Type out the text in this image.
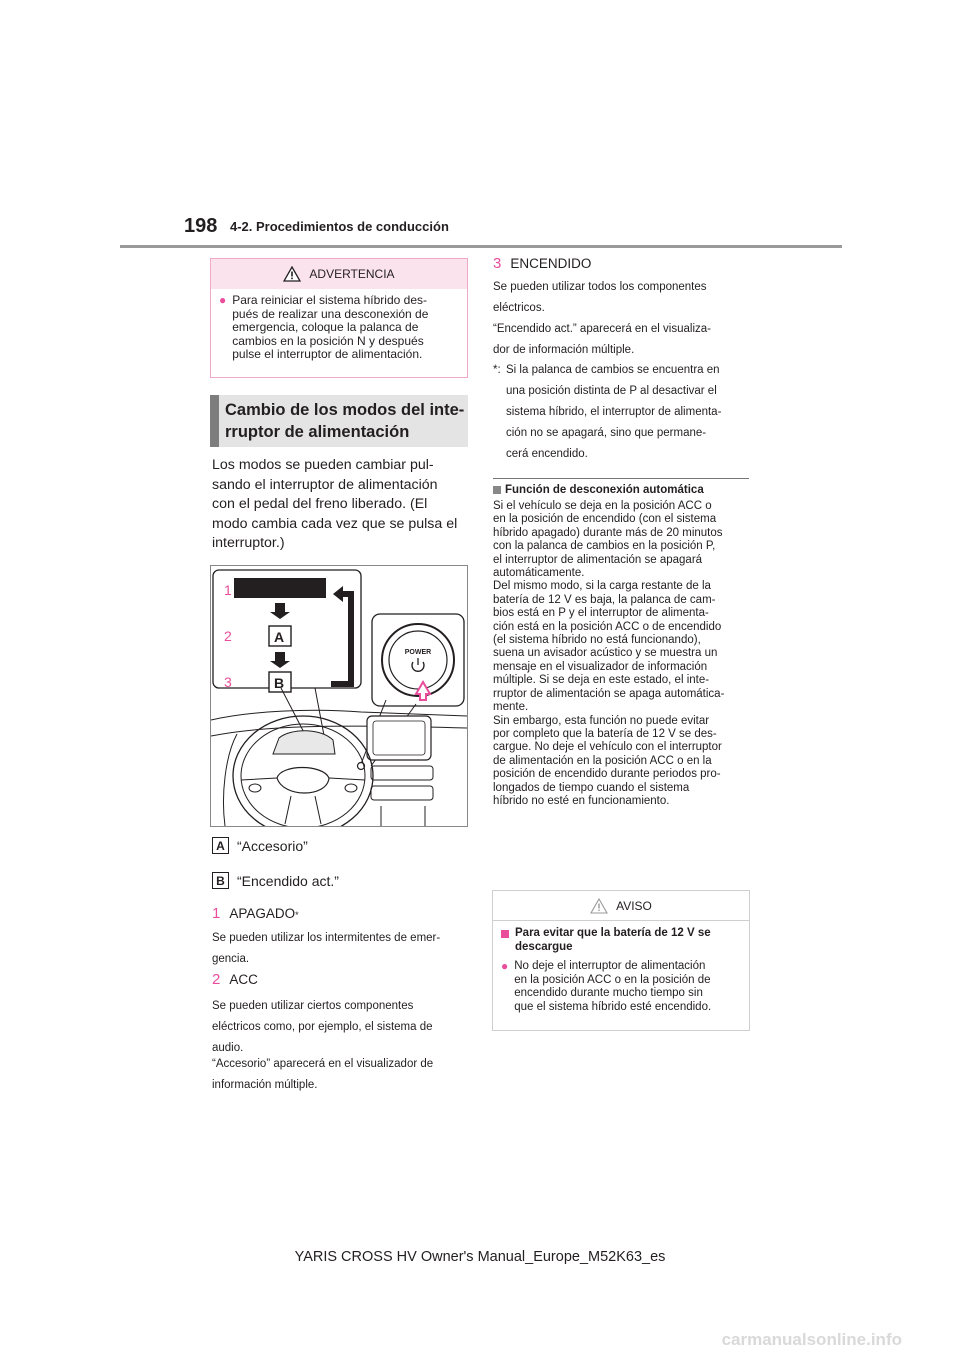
198 4-2. Procedimientos de conducción
ADVERTENCIA
● Para reiniciar el sistema híbrido des-
pués de realizar una desconexión de
emergencia, coloque la palanca de
cambios en la posición N y después
pulse el interruptor de alimentación.
Cambio de los modos del inte-
rruptor de alimentación
Los modos se pueden cambiar pul-
sando el interruptor de alimentación
con el pedal del freno liberado. (El
modo cambia cada vez que se pulsa el
interruptor.)
1
A
2
B
3
POWER
A “Accesorio”
B “Encendido act.”
1 APAGADO *
Se pueden utilizar los intermitentes de emer-
gencia.
2 ACC
Se pueden utilizar ciertos componentes
eléctricos como, por ejemplo, el sistema de
audio.
“Accesorio” aparecerá en el visualizador de
información múltiple.
3 ENCENDIDO
Se pueden utilizar todos los componentes
eléctricos.
“Encendido act.” aparecerá en el visualiza-
dor de información múltiple.
*: Si la palanca de cambios se encuentra en
una posición distinta de P al desactivar el
sistema híbrido, el interruptor de alimenta-
ción no se apagará, sino que permane-
cerá encendido.
Función de desconexión automática
Si el vehículo se deja en la posición ACC o
en la posición de encendido (con el sistema
híbrido apagado) durante más de 20 minutos
con la palanca de cambios en la posición P,
el interruptor de alimentación se apagará
automáticamente.
Del mismo modo, si la carga restante de la
batería de 12 V es baja, la palanca de cam-
bios está en P y el interruptor de alimenta-
ción está en la posición ACC o de encendido
(el sistema híbrido no está funcionando),
suena un avisador acústico y se muestra un
mensaje en el visualizador de información
múltiple. Si se deja en este estado, el inte-
rruptor de alimentación se apaga automática-
mente.
Sin embargo, esta función no puede evitar
por completo que la batería de 12 V se des-
cargue. No deje el vehículo con el interruptor
de alimentación en la posición ACC o en la
posición de encendido durante periodos pro-
longados de tiempo cuando el sistema
híbrido no esté en funcionamiento.
AVISO
Para evitar que la batería de 12 V se
descargue
● No deje el interruptor de alimentación
en la posición ACC o en la posición de
encendido durante mucho tiempo sin
que el sistema híbrido esté encendido.
YARIS CROSS HV Owner's Manual_Europe_M52K63_es
carmanualsonline.info
